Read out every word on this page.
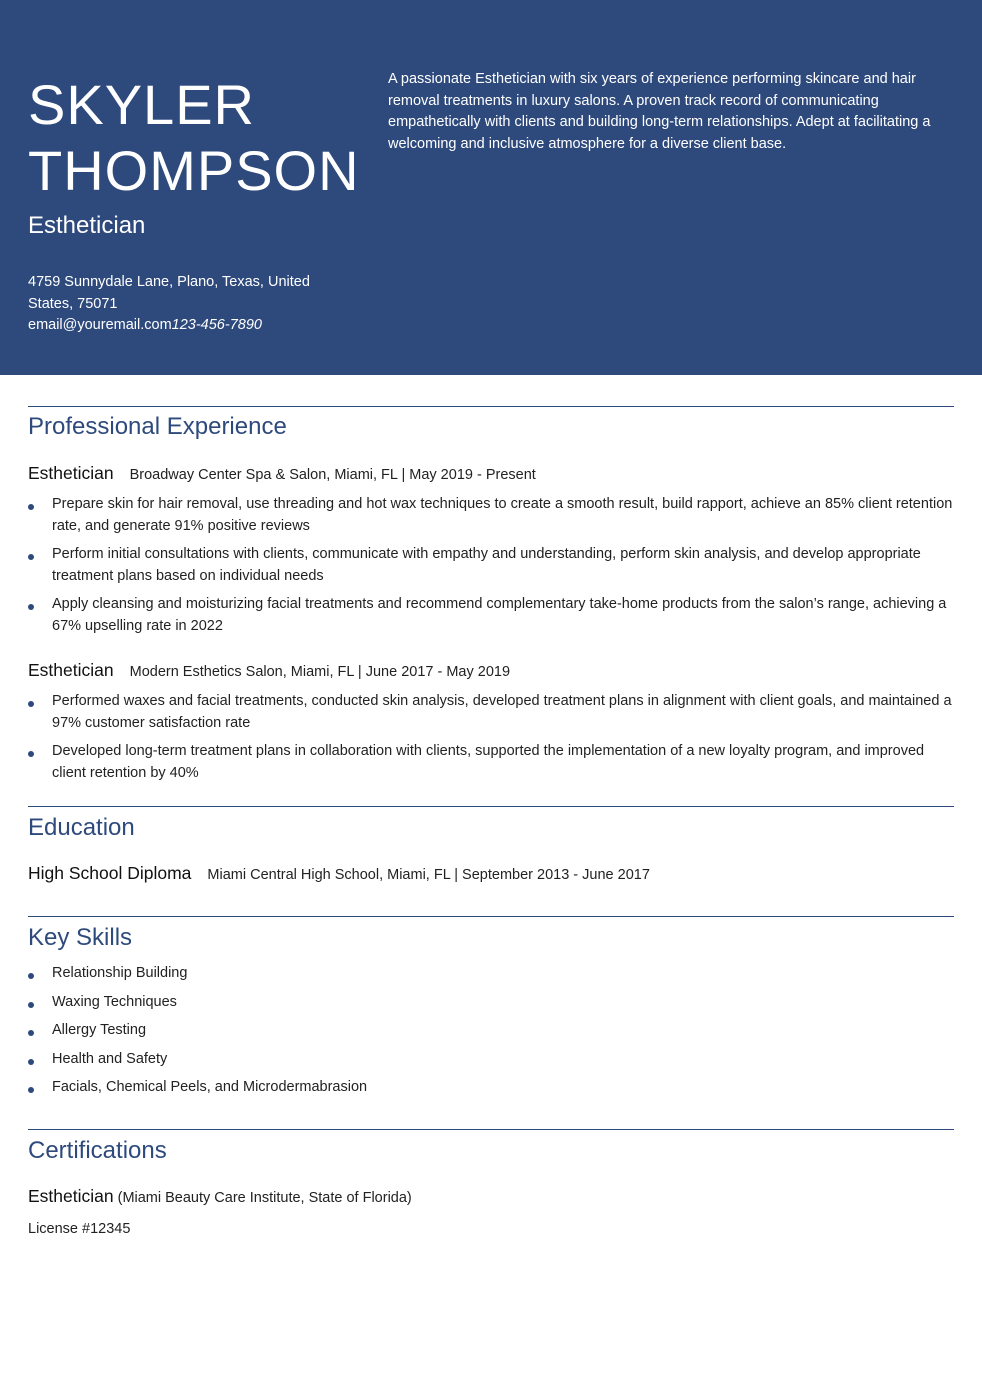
SKYLER
THOMPSON
Esthetician
4759 Sunnydale Lane, Plano, Texas, United
States, 75071
email@youremail.com123-456-7890

A passionate Esthetician with six years of experience performing skincare and hair removal treatments in luxury salons. A proven track record of communicating empathetically with clients and building long-term relationships. Adept at facilitating a welcoming and inclusive atmosphere for a diverse client base.

Professional Experience

Esthetician Broadway Center Spa & Salon, Miami, FL | May 2019 - Present

Prepare skin for hair removal, use threading and hot wax techniques to create a smooth result, build rapport, achieve an 85% client retention rate, and generate 91% positive reviews
Perform initial consultations with clients, communicate with empathy and understanding, perform skin analysis, and develop appropriate treatment plans based on individual needs
Apply cleansing and moisturizing facial treatments and recommend complementary take-home products from the salon’s range, achieving a 67% upselling rate in 2022

Esthetician Modern Esthetics Salon, Miami, FL | June 2017 - May 2019

Performed waxes and facial treatments, conducted skin analysis, developed treatment plans in alignment with client goals, and maintained a 97% customer satisfaction rate
Developed long-term treatment plans in collaboration with clients, supported the implementation of a new loyalty program, and improved client retention by 40%
Education

High School Diploma Miami Central High School, Miami, FL | September 2013 - June 2017

Key Skills
Relationship Building
Waxing Techniques
Allergy Testing
Health and Safety
Facials, Chemical Peels, and Microdermabrasion
Certifications

Esthetician (Miami Beauty Care Institute, State of Florida)

License #12345
